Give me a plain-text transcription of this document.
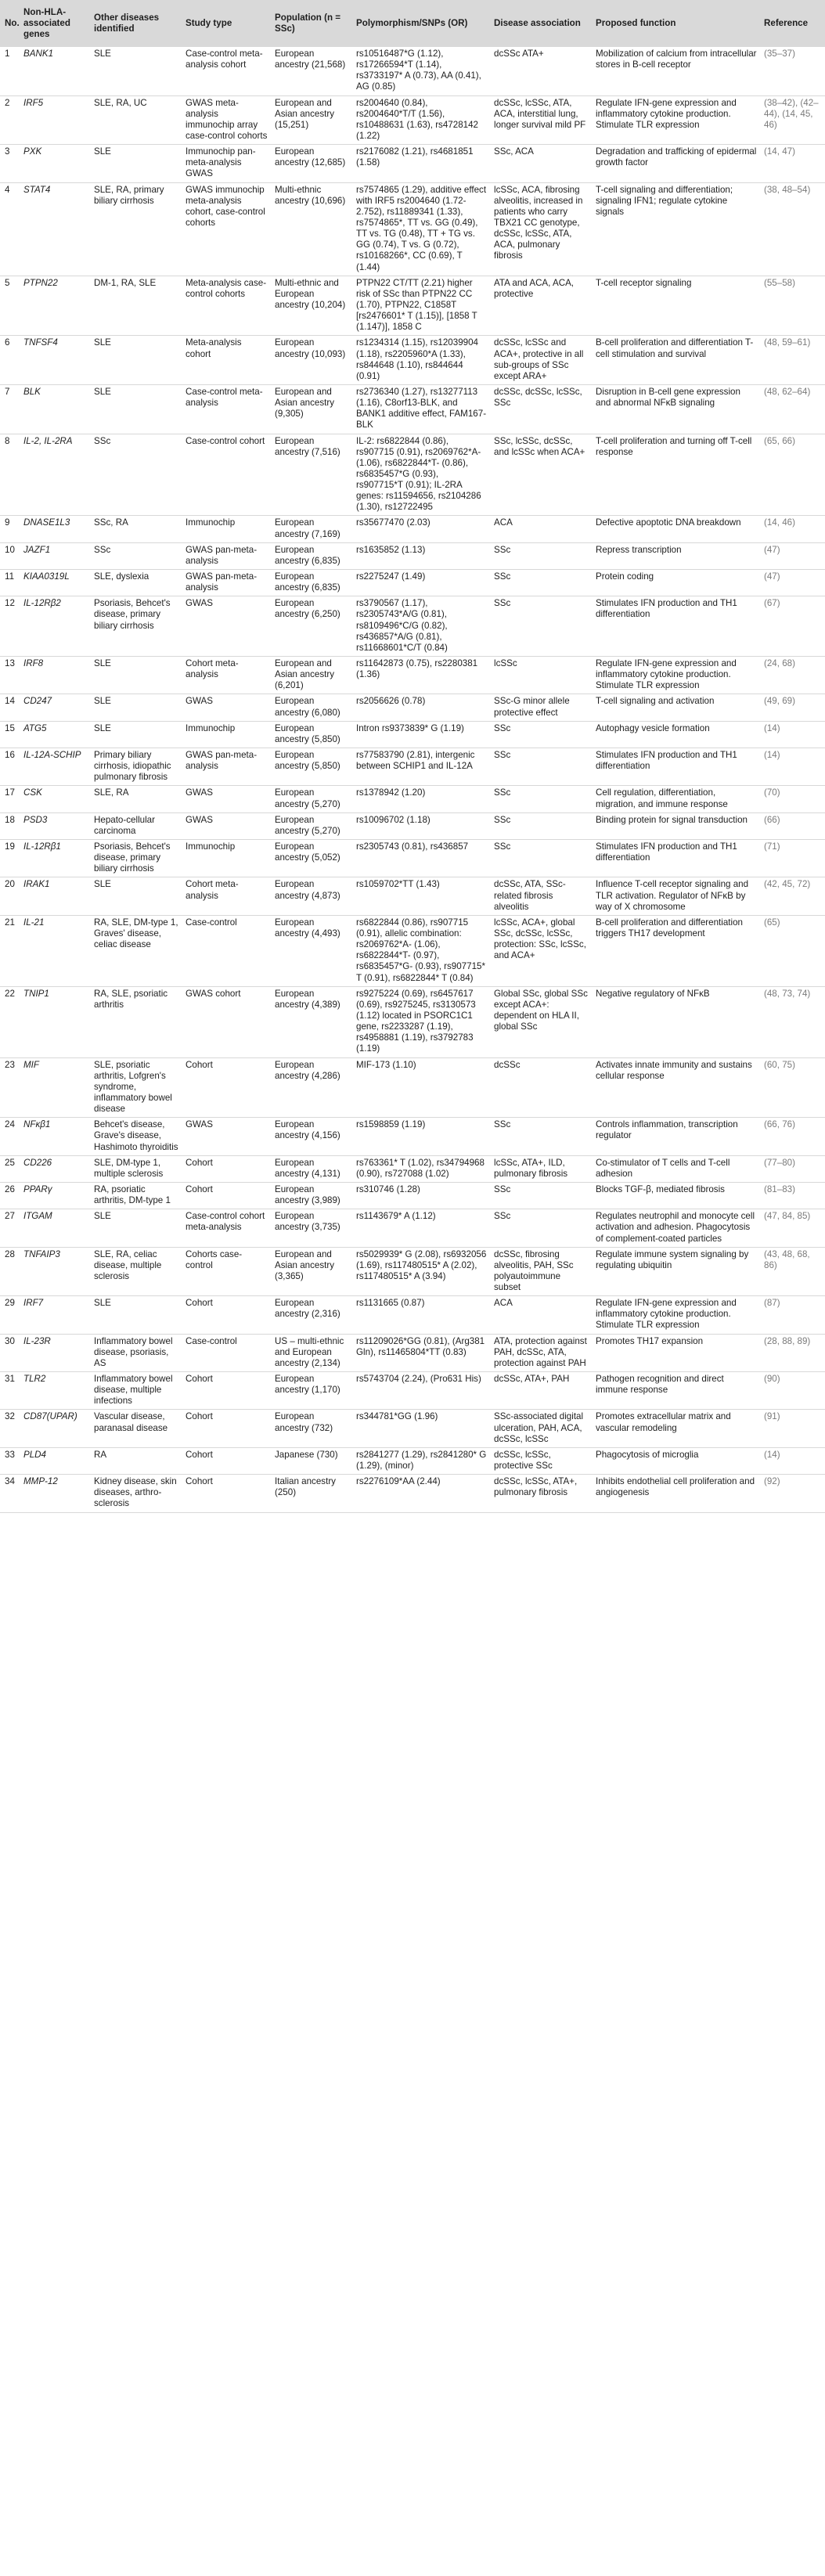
No.	Non-HLA-associated genes	Other diseases identified	Study type	Population (n = SSc)	Polymorphism/SNPs (OR)	Disease association	Proposed function	Reference
1	BANK1	SLE	Case-control meta-analysis cohort	European ancestry (21,568)	rs10516487*G (1.12), rs17266594*T (1.14), rs3733197* A (0.73), AA (0.41), AG (0.85)	dcSSc ATA+	Mobilization of calcium from intracellular stores in B-cell receptor	(35–37)
2	IRF5	SLE, RA, UC	GWAS meta-analysis immunochip array case-control cohorts	European and Asian ancestry (15,251)	rs2004640 (0.84), rs2004640*T/T (1.56), rs10488631 (1.63), rs4728142 (1.22)	dcSSc, lcSSc, ATA, ACA, interstitial lung, longer survival mild PF	Regulate IFN-gene expression and inflammatory cytokine production. Stimulate TLR expression	(38–42), (42–44), (14, 45, 46)
3	PXK	SLE	Immunochip pan-meta-analysis GWAS	European ancestry (12,685)	rs2176082 (1.21), rs4681851 (1.58)	SSc, ACA	Degradation and trafficking of epidermal growth factor	(14, 47)
4	STAT4	SLE, RA, primary biliary cirrhosis	GWAS immunochip meta-analysis cohort, case-control cohorts	Multi-ethnic ancestry (10,696)	rs7574865 (1.29), additive effect with IRF5 rs2004640 (1.72-2.752), rs11889341 (1.33), rs7574865*, TT vs. GG (0.49), TT vs. TG (0.48), TT + TG vs. GG (0.74), T vs. G (0.72), rs10168266*, CC (0.69), T (1.44)	lcSSc, ACA, fibrosing alveolitis, increased in patients who carry TBX21 CC genotype, dcSSc, lcSSc, ATA, ACA, pulmonary fibrosis	T-cell signaling and differentiation; signaling IFN1; regulate cytokine signals	(38, 48–54)
5	PTPN22	DM-1, RA, SLE	Meta-analysis case-control cohorts	Multi-ethnic and European ancestry (10,204)	PTPN22 CT/TT (2.21) higher risk of SSc than PTPN22 CC (1.70), PTPN22, C1858T [rs2476601* T (1.15)], [1858 T (1.147)], 1858 C	ATA and ACA, ACA, protective	T-cell receptor signaling	(55–58)
6	TNFSF4	SLE	Meta-analysis cohort	European ancestry (10,093)	rs1234314 (1.15), rs12039904 (1.18), rs2205960*A (1.33), rs844648 (1.10), rs844644 (0.91)	dcSSc, lcSSc and ACA+, protective in all sub-groups of SSc except ARA+	B-cell proliferation and differentiation T-cell stimulation and survival	(48, 59–61)
7	BLK	SLE	Case-control meta-analysis	European and Asian ancestry (9,305)	rs2736340 (1.27), rs13277113 (1.16), C8orf13-BLK, and BANK1 additive effect, FAM167-BLK	dcSSc, dcSSc, lcSSc, SSc	Disruption in B-cell gene expression and abnormal NFκB signaling	(48, 62–64)
8	IL-2, IL-2RA	SSc	Case-control cohort	European ancestry (7,516)	IL-2: rs6822844 (0.86), rs907715 (0.91), rs2069762*A- (1.06), rs6822844*T- (0.86), rs6835457*G (0.93), rs907715*T (0.91); IL-2RA genes: rs11594656, rs2104286 (1.30), rs12722495	SSc, lcSSc, dcSSc, and lcSSc when ACA+	T-cell proliferation and turning off T-cell response	(65, 66)
9	DNASE1L3	SSc, RA	Immunochip	European ancestry (7,169)	rs35677470 (2.03)	ACA	Defective apoptotic DNA breakdown	(14, 46)
10	JAZF1	SSc	GWAS pan-meta-analysis	European ancestry (6,835)	rs1635852 (1.13)	SSc	Repress transcription	(47)
11	KIAA0319L	SLE, dyslexia	GWAS pan-meta-analysis	European ancestry (6,835)	rs2275247 (1.49)	SSc	Protein coding	(47)
12	IL-12Rβ2	Psoriasis, Behcet's disease, primary biliary cirrhosis	GWAS	European ancestry (6,250)	rs3790567 (1.17), rs2305743*A/G (0.81), rs8109496*C/G (0.82), rs436857*A/G (0.81), rs11668601*C/T (0.84)	SSc	Stimulates IFN production and TH1 differentiation	(67)
13	IRF8	SLE	Cohort meta-analysis	European and Asian ancestry (6,201)	rs11642873 (0.75), rs2280381 (1.36)	lcSSc	Regulate IFN-gene expression and inflammatory cytokine production. Stimulate TLR expression	(24, 68)
14	CD247	SLE	GWAS	European ancestry (6,080)	rs2056626 (0.78)	SSc-G minor allele protective effect	T-cell signaling and activation	(49, 69)
15	ATG5	SLE	Immunochip	European ancestry (5,850)	Intron rs9373839* G (1.19)	SSc	Autophagy vesicle formation	(14)
16	IL-12A-SCHIP	Primary biliary cirrhosis, idiopathic pulmonary fibrosis	GWAS pan-meta-analysis	European ancestry (5,850)	rs77583790 (2.81), intergenic between SCHIP1 and IL-12A	SSc	Stimulates IFN production and TH1 differentiation	(14)
17	CSK	SLE, RA	GWAS	European ancestry (5,270)	rs1378942 (1.20)	SSc	Cell regulation, differentiation, migration, and immune response	(70)
18	PSD3	Hepato-cellular carcinoma	GWAS	European ancestry (5,270)	rs10096702 (1.18)	SSc	Binding protein for signal transduction	(66)
19	IL-12Rβ1	Psoriasis, Behcet's disease, primary biliary cirrhosis	Immunochip	European ancestry (5,052)	rs2305743 (0.81), rs436857	SSc	Stimulates IFN production and TH1 differentiation	(71)
20	IRAK1	SLE	Cohort meta-analysis	European ancestry (4,873)	rs1059702*TT (1.43)	dcSSc, ATA, SSc-related fibrosis alveolitis	Influence T-cell receptor signaling and TLR activation. Regulator of NFκB by way of X chromosome	(42, 45, 72)
21	IL-21	RA, SLE, DM-type 1, Graves' disease, celiac disease	Case-control	European ancestry (4,493)	rs6822844 (0.86), rs907715 (0.91), allelic combination: rs2069762*A- (1.06), rs6822844*T- (0.97), rs6835457*G- (0.93), rs907715* T (0.91), rs6822844* T (0.84)	lcSSc, ACA+, global SSc, dcSSc, lcSSc, protection: SSc, lcSSc, and ACA+	B-cell proliferation and differentiation triggers TH17 development	(65)
22	TNIP1	RA, SLE, psoriatic arthritis	GWAS cohort	European ancestry (4,389)	rs9275224 (0.69), rs6457617 (0.69), rs9275245, rs3130573 (1.12) located in PSORC1C1 gene, rs2233287 (1.19), rs4958881 (1.19), rs3792783 (1.19)	Global SSc, global SSc except ACA+: dependent on HLA II, global SSc	Negative regulatory of NFκB	(48, 73, 74)
23	MIF	SLE, psoriatic arthritis, Lofgren's syndrome, inflammatory bowel disease	Cohort	European ancestry (4,286)	MIF-173 (1.10)	dcSSc	Activates innate immunity and sustains cellular response	(60, 75)
24	NFκβ1	Behcet's disease, Grave's disease, Hashimoto thyroiditis	GWAS	European ancestry (4,156)	rs1598859 (1.19)	SSc	Controls inflammation, transcription regulator	(66, 76)
25	CD226	SLE, DM-type 1, multiple sclerosis	Cohort	European ancestry (4,131)	rs763361* T (1.02), rs34794968 (0.90), rs727088 (1.02)	lcSSc, ATA+, ILD, pulmonary fibrosis	Co-stimulator of T cells and T-cell adhesion	(77–80)
26	PPARγ	RA, psoriatic arthritis, DM-type 1	Cohort	European ancestry (3,989)	rs310746 (1.28)	SSc	Blocks TGF-β, mediated fibrosis	(81–83)
27	ITGAM	SLE	Case-control cohort meta-analysis	European ancestry (3,735)	rs1143679* A (1.12)	SSc	Regulates neutrophil and monocyte cell activation and adhesion. Phagocytosis of complement-coated particles	(47, 84, 85)
28	TNFAIP3	SLE, RA, celiac disease, multiple sclerosis	Cohorts case-control	European and Asian ancestry (3,365)	rs5029939* G (2.08), rs6932056 (1.69), rs117480515* A (2.02), rs117480515* A (3.94)	dcSSc, fibrosing alveolitis, PAH, SSc polyautoimmune subset	Regulate immune system signaling by regulating ubiquitin	(43, 48, 68, 86)
29	IRF7	SLE	Cohort	European ancestry (2,316)	rs1131665 (0.87)	ACA	Regulate IFN-gene expression and inflammatory cytokine production. Stimulate TLR expression	(87)
30	IL-23R	Inflammatory bowel disease, psoriasis, AS	Case-control	US – multi-ethnic and European ancestry (2,134)	rs11209026*GG (0.81), (Arg381 Gln), rs11465804*TT (0.83)	ATA, protection against PAH, dcSSc, ATA, protection against PAH	Promotes TH17 expansion	(28, 88, 89)
31	TLR2	Inflammatory bowel disease, multiple infections	Cohort	European ancestry (1,170)	rs5743704 (2.24), (Pro631 His)	dcSSc, ATA+, PAH	Pathogen recognition and direct immune response	(90)
32	CD87(UPAR)	Vascular disease, paranasal disease	Cohort	European ancestry (732)	rs344781*GG (1.96)	SSc-associated digital ulceration, PAH, ACA, dcSSc, lcSSc	Promotes extracellular matrix and vascular remodeling	(91)
33	PLD4	RA	Cohort	Japanese (730)	rs2841277 (1.29), rs2841280* G (1.29), (minor)	dcSSc, lcSSc, protective SSc	Phagocytosis of microglia	(14)
34	MMP-12	Kidney disease, skin diseases, arthro-sclerosis	Cohort	Italian ancestry (250)	rs2276109*AA (2.44)	dcSSc, lcSSc, ATA+, pulmonary fibrosis	Inhibits endothelial cell proliferation and angiogenesis	(92)
